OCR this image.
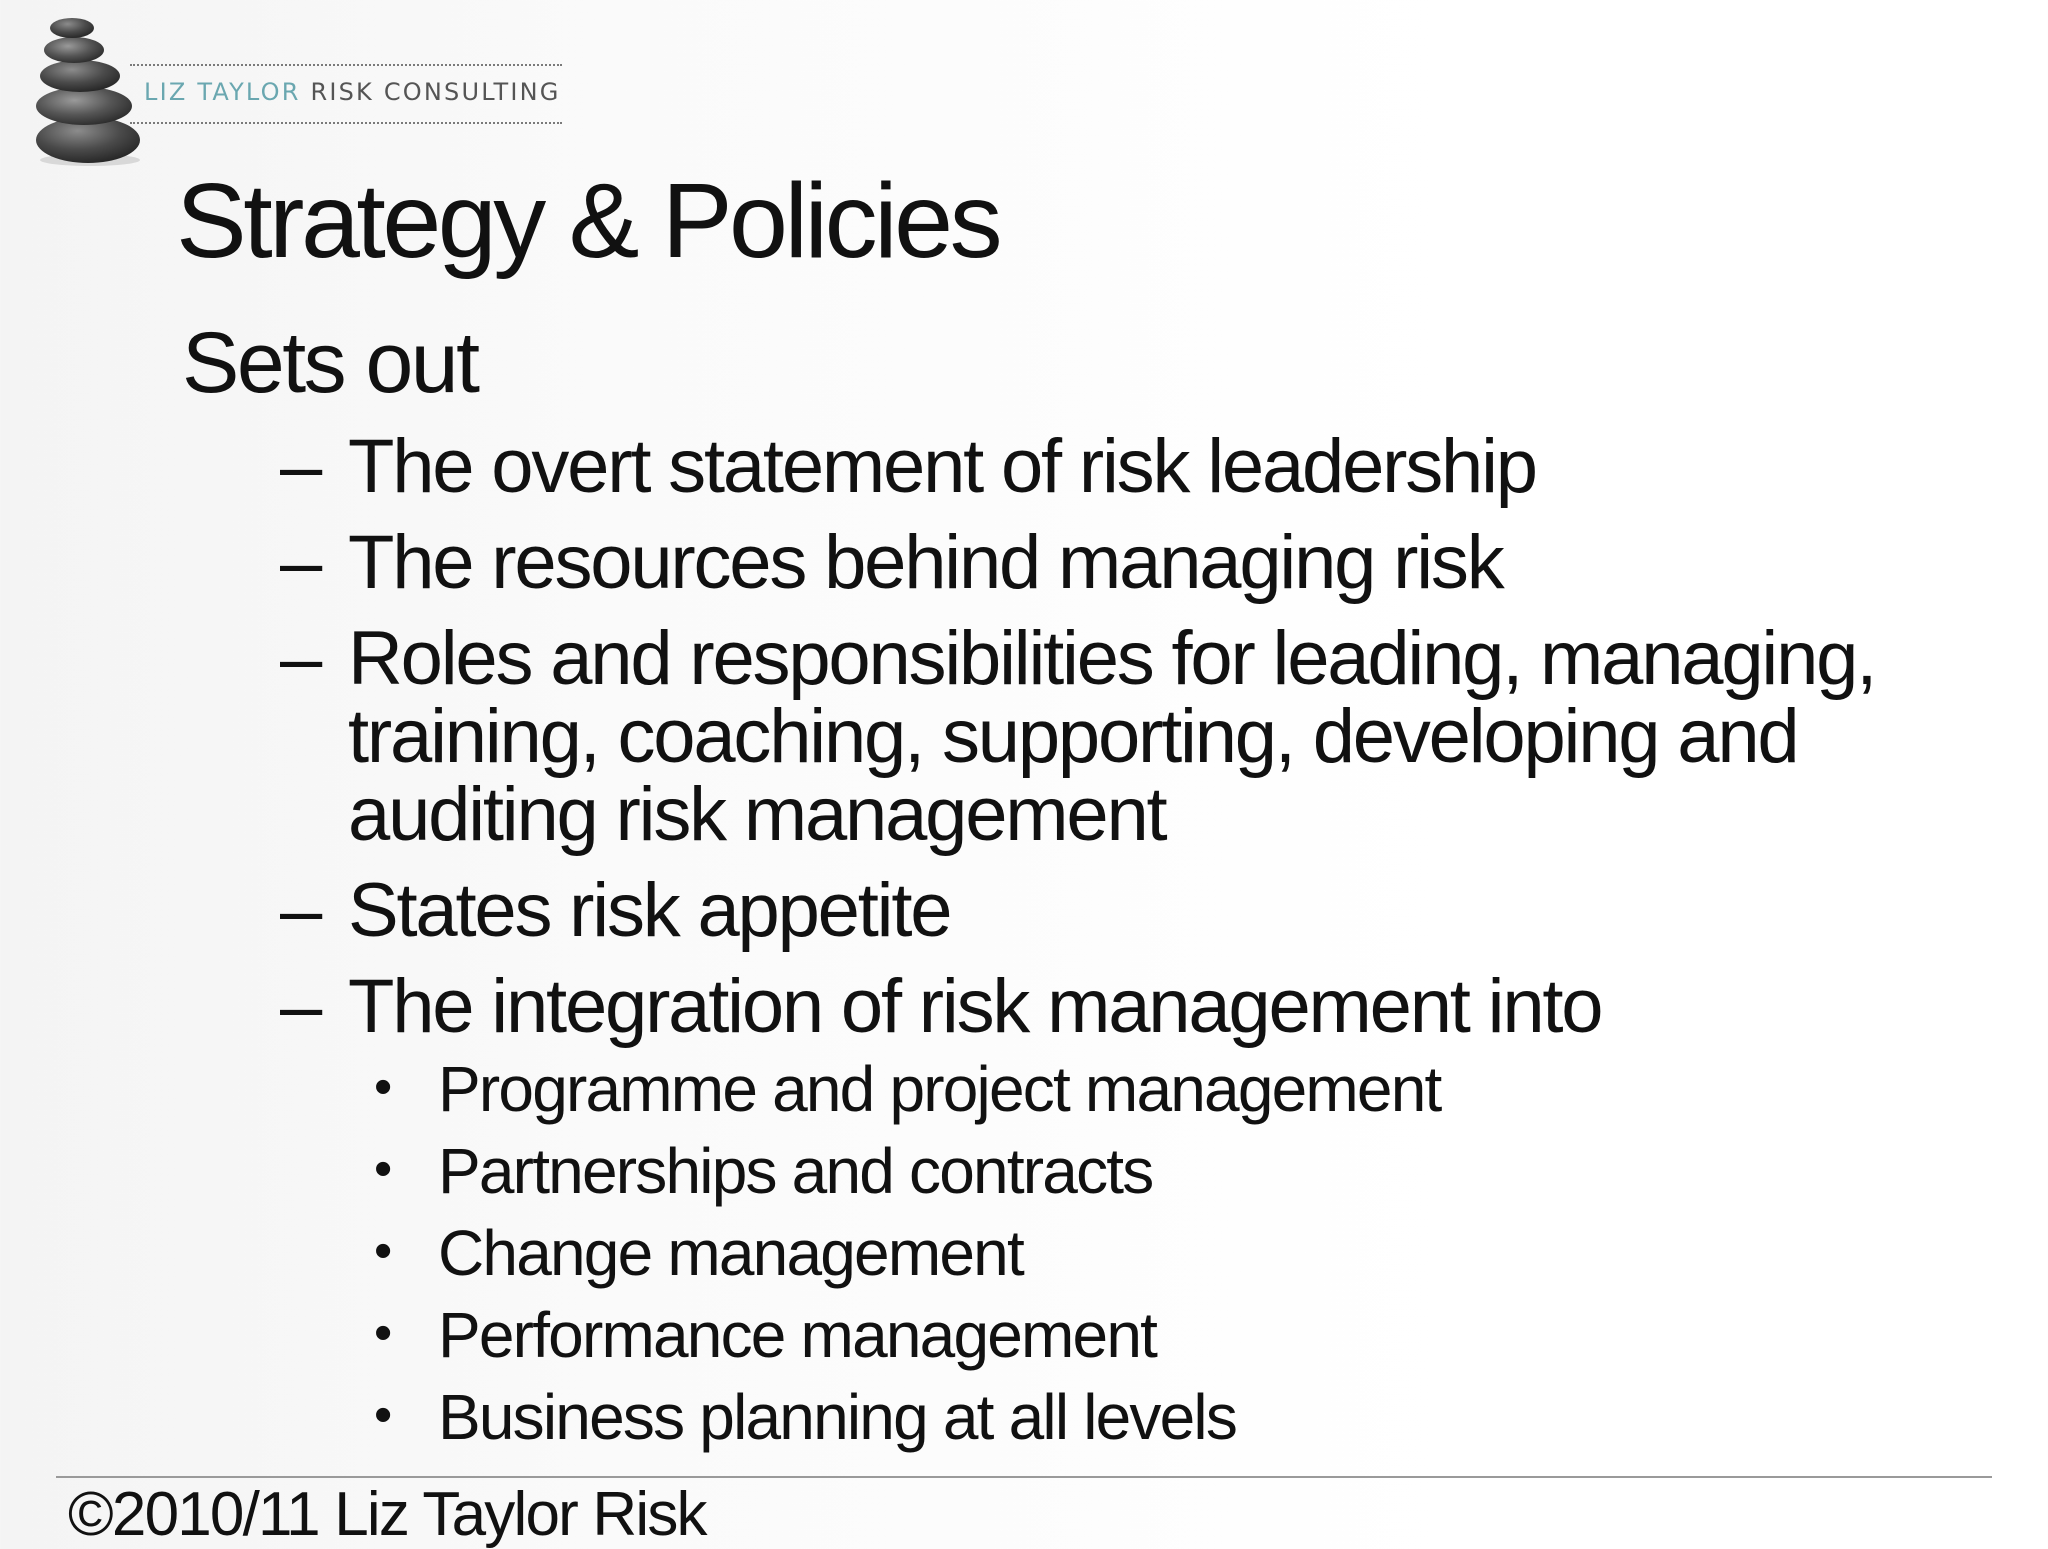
LIZ TAYLOR RISK CONSULTING
Strategy & Policies
Sets out
– The overt statement of risk leadership
– The resources behind managing risk
– Roles and responsibilities for leading, managing, training, coaching, supporting, developing and auditing risk management
– States risk appetite
– The integration of risk management into
• Programme and project management
• Partnerships and contracts
• Change management
• Performance management
• Business planning at all levels
©2010/11 Liz Taylor Risk
